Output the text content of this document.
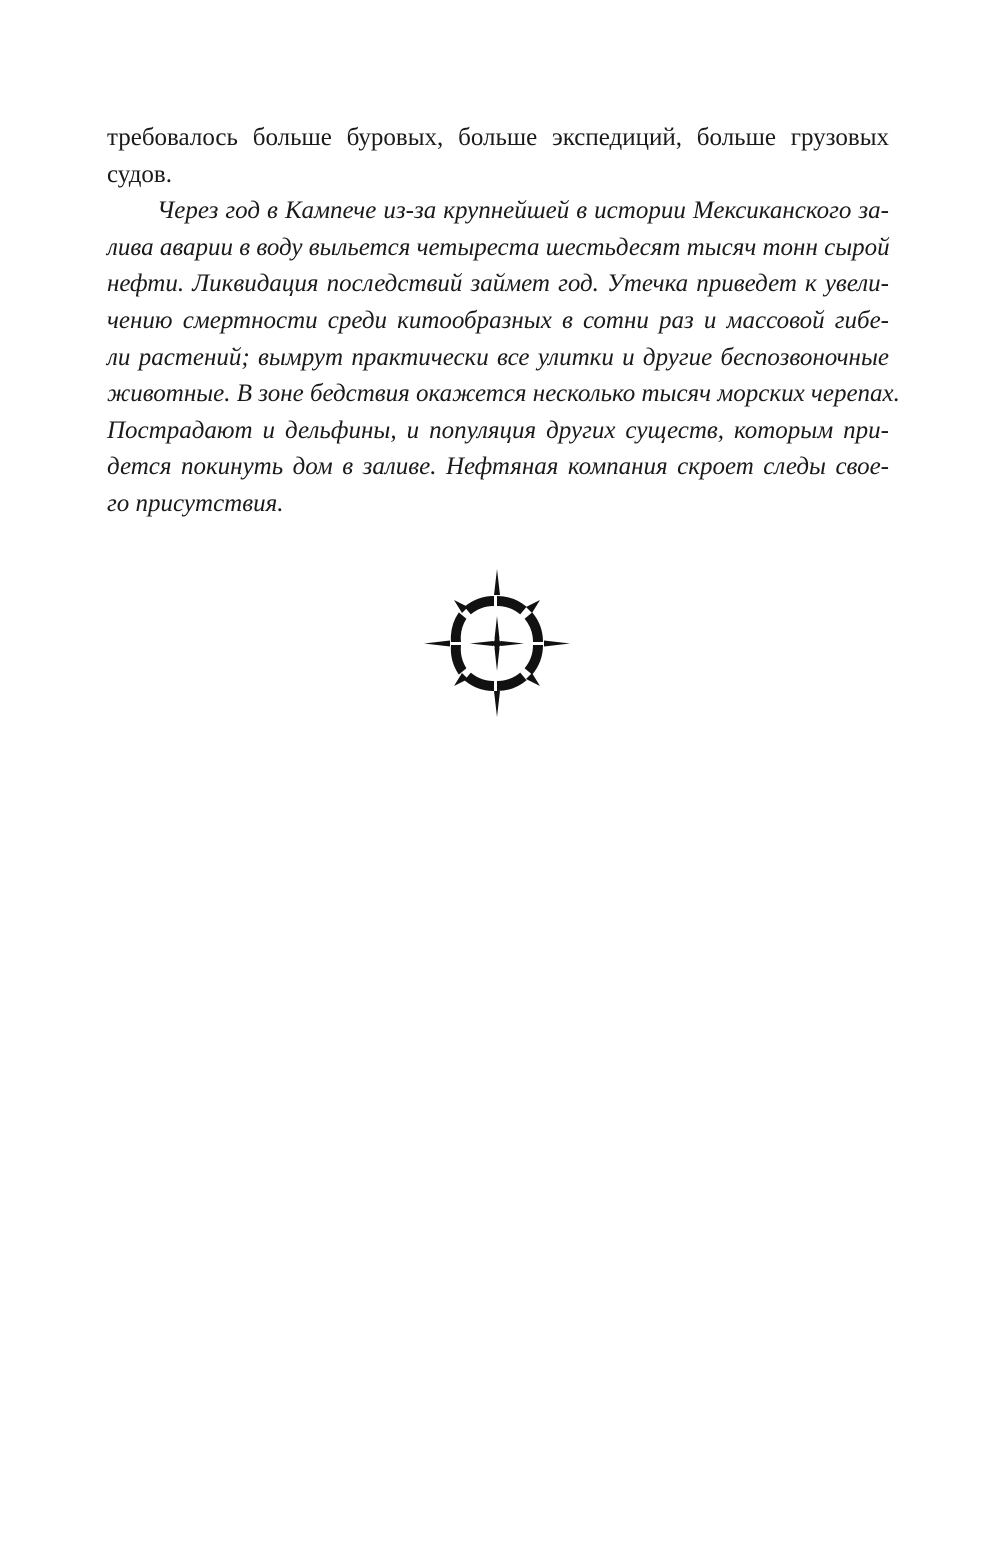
требовалось больше буровых, больше экспедиций, больше грузовых
судов.
Через год в Кампече из-за крупнейшей в истории Мексиканского за-
лива аварии в воду выльется четыреста шестьдесят тысяч тонн сырой
нефти. Ликвидация последствий займет год. Утечка приведет к увели-
чению смертности среди китообразных в сотни раз и массовой гибе-
ли растений; вымрут практически все улитки и другие беспозвоночные
животные. В зоне бедствия окажется несколько тысяч морских черепах.
Пострадают и дельфины, и популяция других существ, которым при-
дется покинуть дом в заливе. Нефтяная компания скроет следы свое-
го присутствия.
